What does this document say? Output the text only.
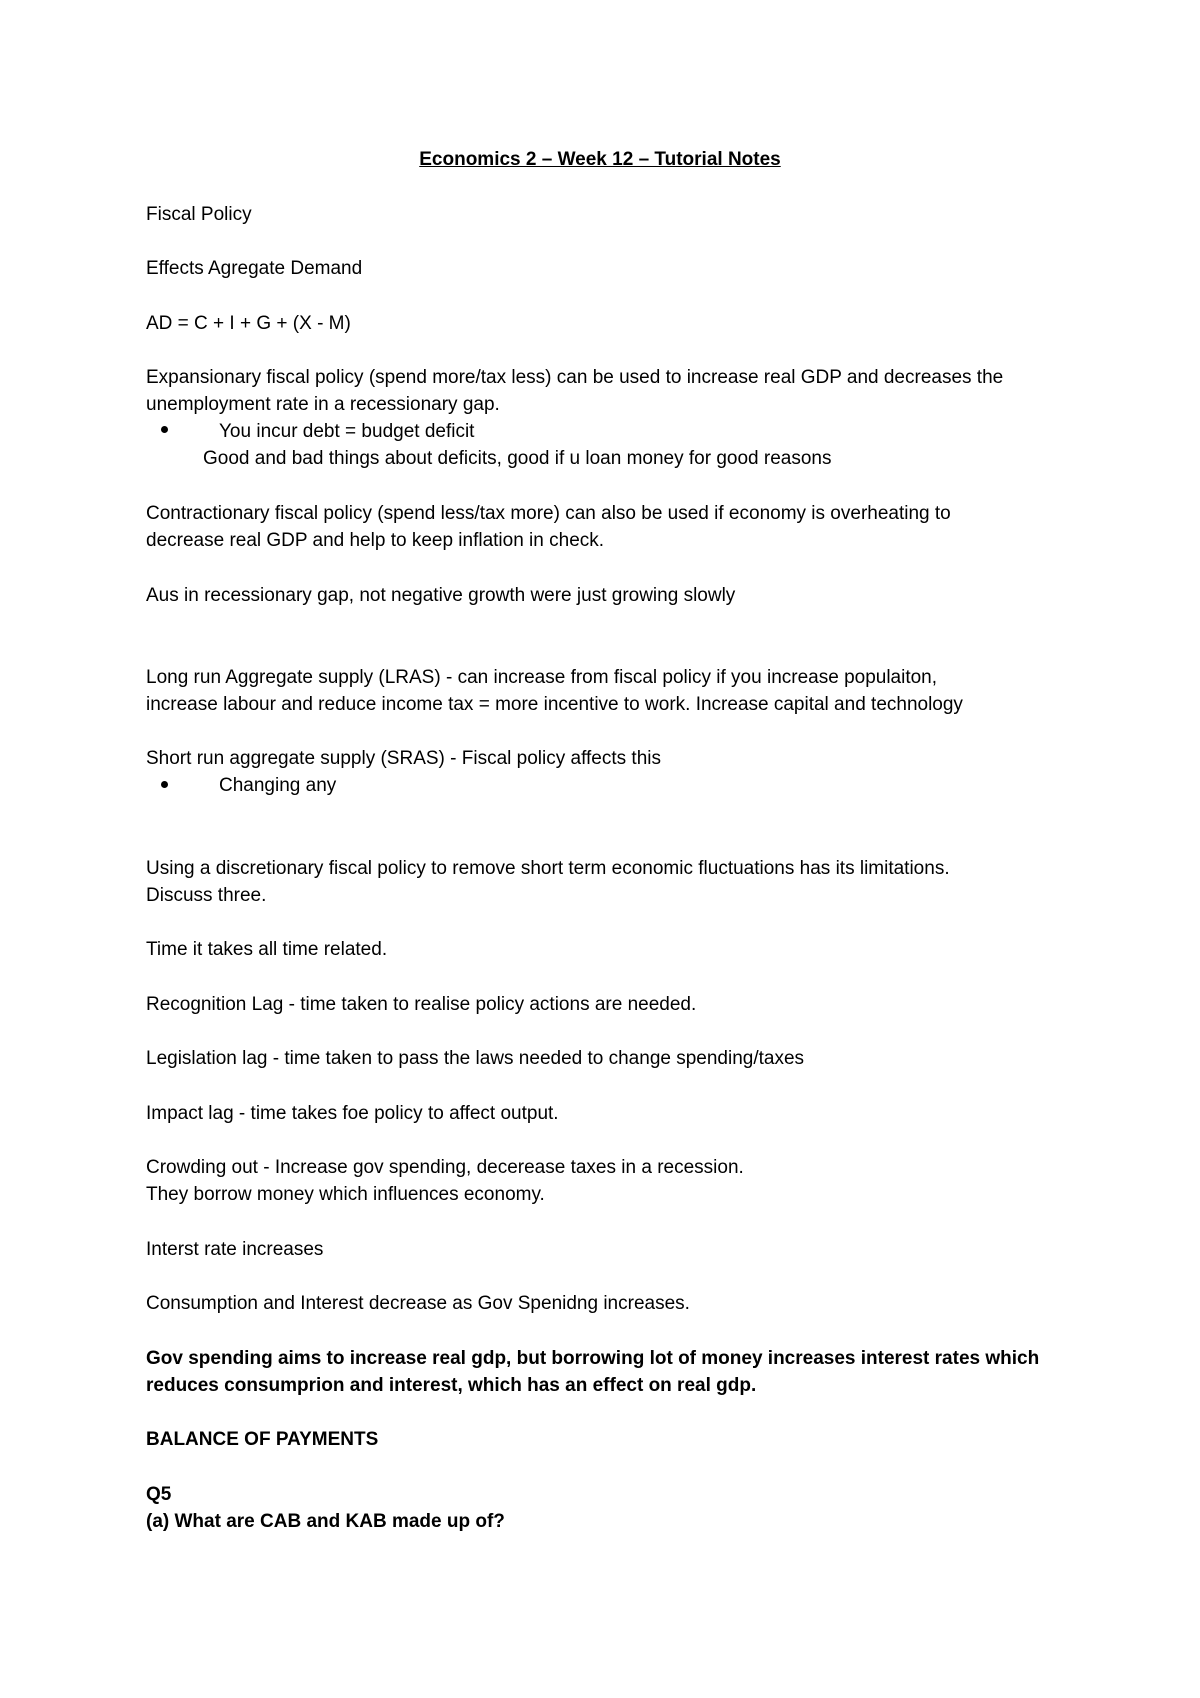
Economics 2 – Week 12 – Tutorial Notes
Fiscal Policy
Effects Agregate Demand
AD = C + I + G + (X - M)
Expansionary fiscal policy (spend more/tax less) can be used to increase real GDP and decreases the
unemployment rate in a recessionary gap.
You incur debt = budget deficit
Good and bad things about deficits, good if u loan money for good reasons
Contractionary fiscal policy (spend less/tax more) can also be used if economy is overheating to
decrease real GDP and help to keep inflation in check.
Aus in recessionary gap, not negative growth were just growing slowly
Long run Aggregate supply (LRAS) - can increase from fiscal policy if you increase populaiton,
increase labour and reduce income tax = more incentive to work. Increase capital and technology
Short run aggregate supply (SRAS) - Fiscal policy affects this
Changing any
Using a discretionary fiscal policy to remove short term economic fluctuations has its limitations.
Discuss three.
Time it takes all time related.
Recognition Lag - time taken to realise policy actions are needed.
Legislation lag - time taken to pass the laws needed to change spending/taxes
Impact lag - time takes foe policy to affect output.
Crowding out - Increase gov spending, decerease taxes in a recession.
They borrow money which influences economy.
Interst rate increases
Consumption and Interest decrease as Gov Spenidng increases.
Gov spending aims to increase real gdp, but borrowing lot of money increases interest rates which
reduces consumprion and interest, which has an effect on real gdp.
BALANCE OF PAYMENTS
Q5
(a) What are CAB and KAB made up of?
